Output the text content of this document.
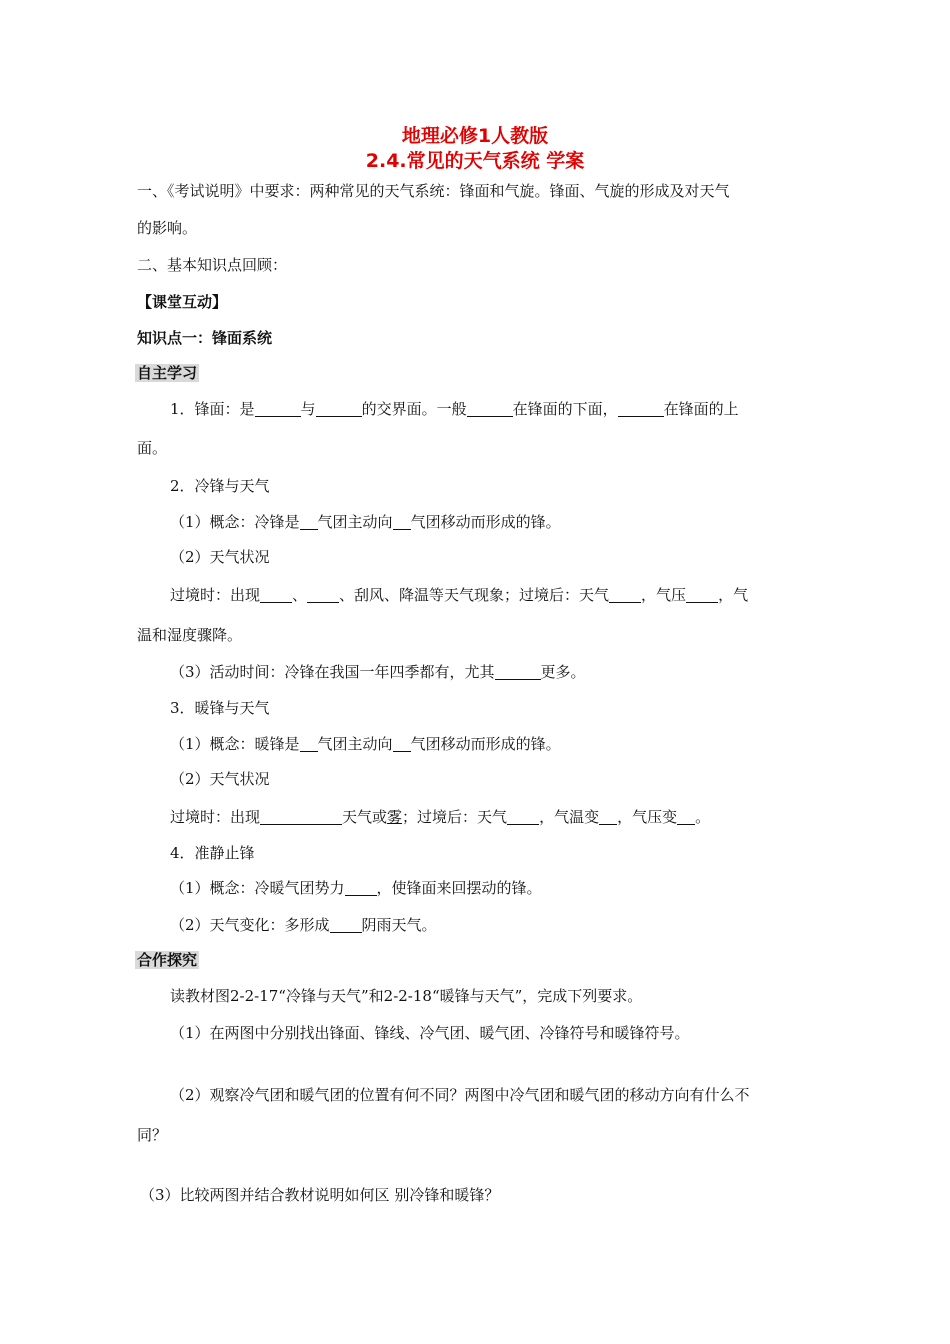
地理必修1人教版
2.4.常见的天气系统 学案
一、《考试说明》中要求：两种常见的天气系统：锋面和气旋。锋面、气旋的形成及对天气
的影响。
二、基本知识点回顾：
【课堂互动】
知识点一：锋面系统
自主学习
1．锋面：是	与	的交界面。一般	在锋面的下面，	在锋面的上
面。
2．冷锋与天气
（1）概念：冷锋是 气团主动向 气团移动而形成的锋。
（2）天气状况
过境时：出现 、 、刮风、降温等天气现象；过境后：天气 ，气压 ，气
温和湿度骤降。
（3）活动时间：冷锋在我国一年四季都有，尤其	更多。
3．暖锋与天气
（1）概念：暖锋是 气团主动向 气团移动而形成的锋。
（2）天气状况
过境时：出现	天气或雾；过境后：天气 ，气温变 ，气压变 。
4．准静止锋
（1）概念：冷暖气团势力 ，使锋面来回摆动的锋。
（2）天气变化：多形成 阴雨天气。
合作探究
读教材图2-2-17“冷锋与天气”和2-2-18“暖锋与天气”，完成下列要求。
（1）在两图中分别找出锋面、锋线、冷气团、暖气团、冷锋符号和暖锋符号。
（2）观察冷气团和暖气团的位置有何不同？两图中冷气团和暖气团的移动方向有什么不
同？
（3）比较两图并结合教材说明如何区 别冷锋和暖锋？
